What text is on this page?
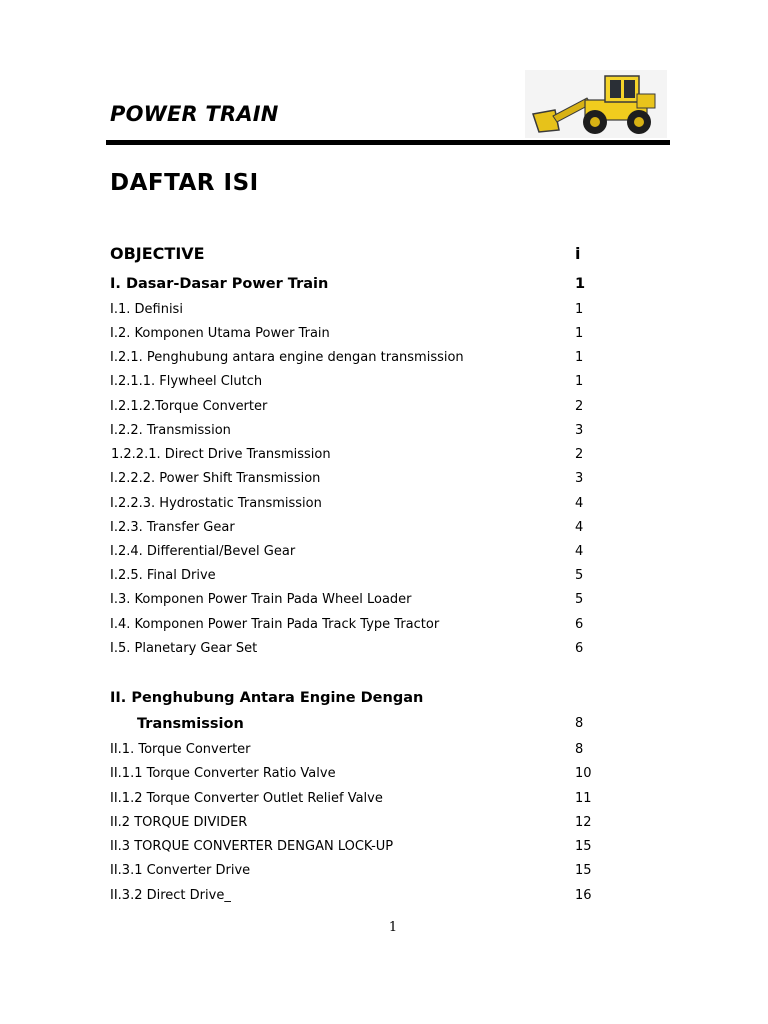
POWER TRAIN
DAFTAR ISI
OBJECTIVE	i
I. Dasar-Dasar Power Train	1
I.1. Definisi	1
I.2. Komponen Utama Power Train	1
I.2.1. Penghubung antara engine dengan transmission	1
I.2.1.1. Flywheel Clutch	1
I.2.1.2.Torque Converter	2
I.2.2. Transmission	3
1.2.2.1. Direct Drive Transmission	2
I.2.2.2. Power Shift Transmission	3
I.2.2.3. Hydrostatic Transmission	4
I.2.3. Transfer Gear	4
I.2.4. Differential/Bevel Gear	4
I.2.5. Final Drive	5
I.3. Komponen Power Train Pada Wheel Loader	5
I.4. Komponen Power Train Pada Track Type Tractor	6
I.5. Planetary Gear Set	6
II. Penghubung Antara Engine Dengan
Transmission	8
II.1. Torque Converter	8
II.1.1 Torque Converter Ratio Valve	10
II.1.2 Torque Converter Outlet Relief Valve	11
II.2 TORQUE DIVIDER	12
II.3 TORQUE CONVERTER DENGAN LOCK-UP	15
II.3.1 Converter Drive	15
II.3.2 Direct Drive_	16
1
